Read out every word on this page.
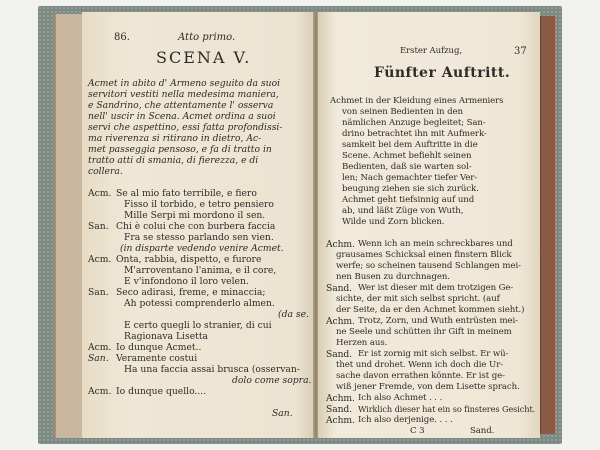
86.	Atto primo.
SCENA V.
Acmet in abito d' Armeno seguito da suoi
servitori vestiti nella medesima maniera,
e Sandrino, che attentamente l' osserva
nell' uscir in Scena. Acmet ordina a suoi
servi che aspettino, essi fatta profondissi-
ma riverenza si ritirano in dietro, Ac-
met passeggia pensoso, e fa di tratto in
tratto atti di smania, di fierezza, e di
collera.
Acm. Se al mio fato terribile, e fiero
Fisso il torbido, e tetro pensiero
Mille Serpi mi mordono il sen.
San. Chi è colui che con burbera faccia
Fra se stesso parlando sen vien.
(in disparte vedendo venire Acmet.
Acm. Onta, rabbia, dispetto, e furore
M'arroventano l'anima, e il core,
E v'infondono il loro velen.
San. Seco adirasi, freme, e minaccia;
Ah potessi comprenderlo almen.
(da se.
E certo quegli lo stranier, di cui
Ragionava Lisetta
Acm. Io dunque Acmet..
San. Veramente costui
Ha una faccia assai brusca (osservan-
dolo come sopra.
Acm. Io dunque quello....
San.
Erster Aufzug,	37
Fünfter Auftritt.
Achmet in der Kleidung eines Armeniers
von seinen Bedienten in den
nämlichen Anzuge begleitet; San-
drino betrachtet ihn mit Aufmerk-
samkeit bei dem Auftritte in die
Scene. Achmet befiehlt seinen
Bedienten, daß sie warten sol-
len; Nach gemachter tiefer Ver-
beugung ziehen sie sich zurück.
Achmet geht tiefsinnig auf und
ab, und läßt Züge von Wuth,
Wilde und Zorn blicken.
Achm. Wenn ich an mein schreckbares und
grausames Schicksal einen finstern Blick
werfe; so scheinen tausend Schlangen mei-
nen Busen zu durchnagen.
Sand. Wer ist dieser mit dem trotzigen Ge-
sichte, der mit sich selbst spricht. (auf
der Seite, da er den Achmet kommen sieht.)
Achm. Trotz, Zorn, und Wuth entrüsten mei-
ne Seele und schütten ihr Gift in meinem
Herzen aus.
Sand. Er ist zornig mit sich selbst. Er wü-
thet und drohet. Wenn ich doch die Ur-
sache davon errathen könnte. Er ist ge-
wiß jener Fremde, von dem Lisette sprach.
Achm. Ich also Achmet . . .
Sand. Wirklich dieser hat ein so finsteres Gesicht.
Achm. Ich also derjenige. . . .
C 3	Sand.
